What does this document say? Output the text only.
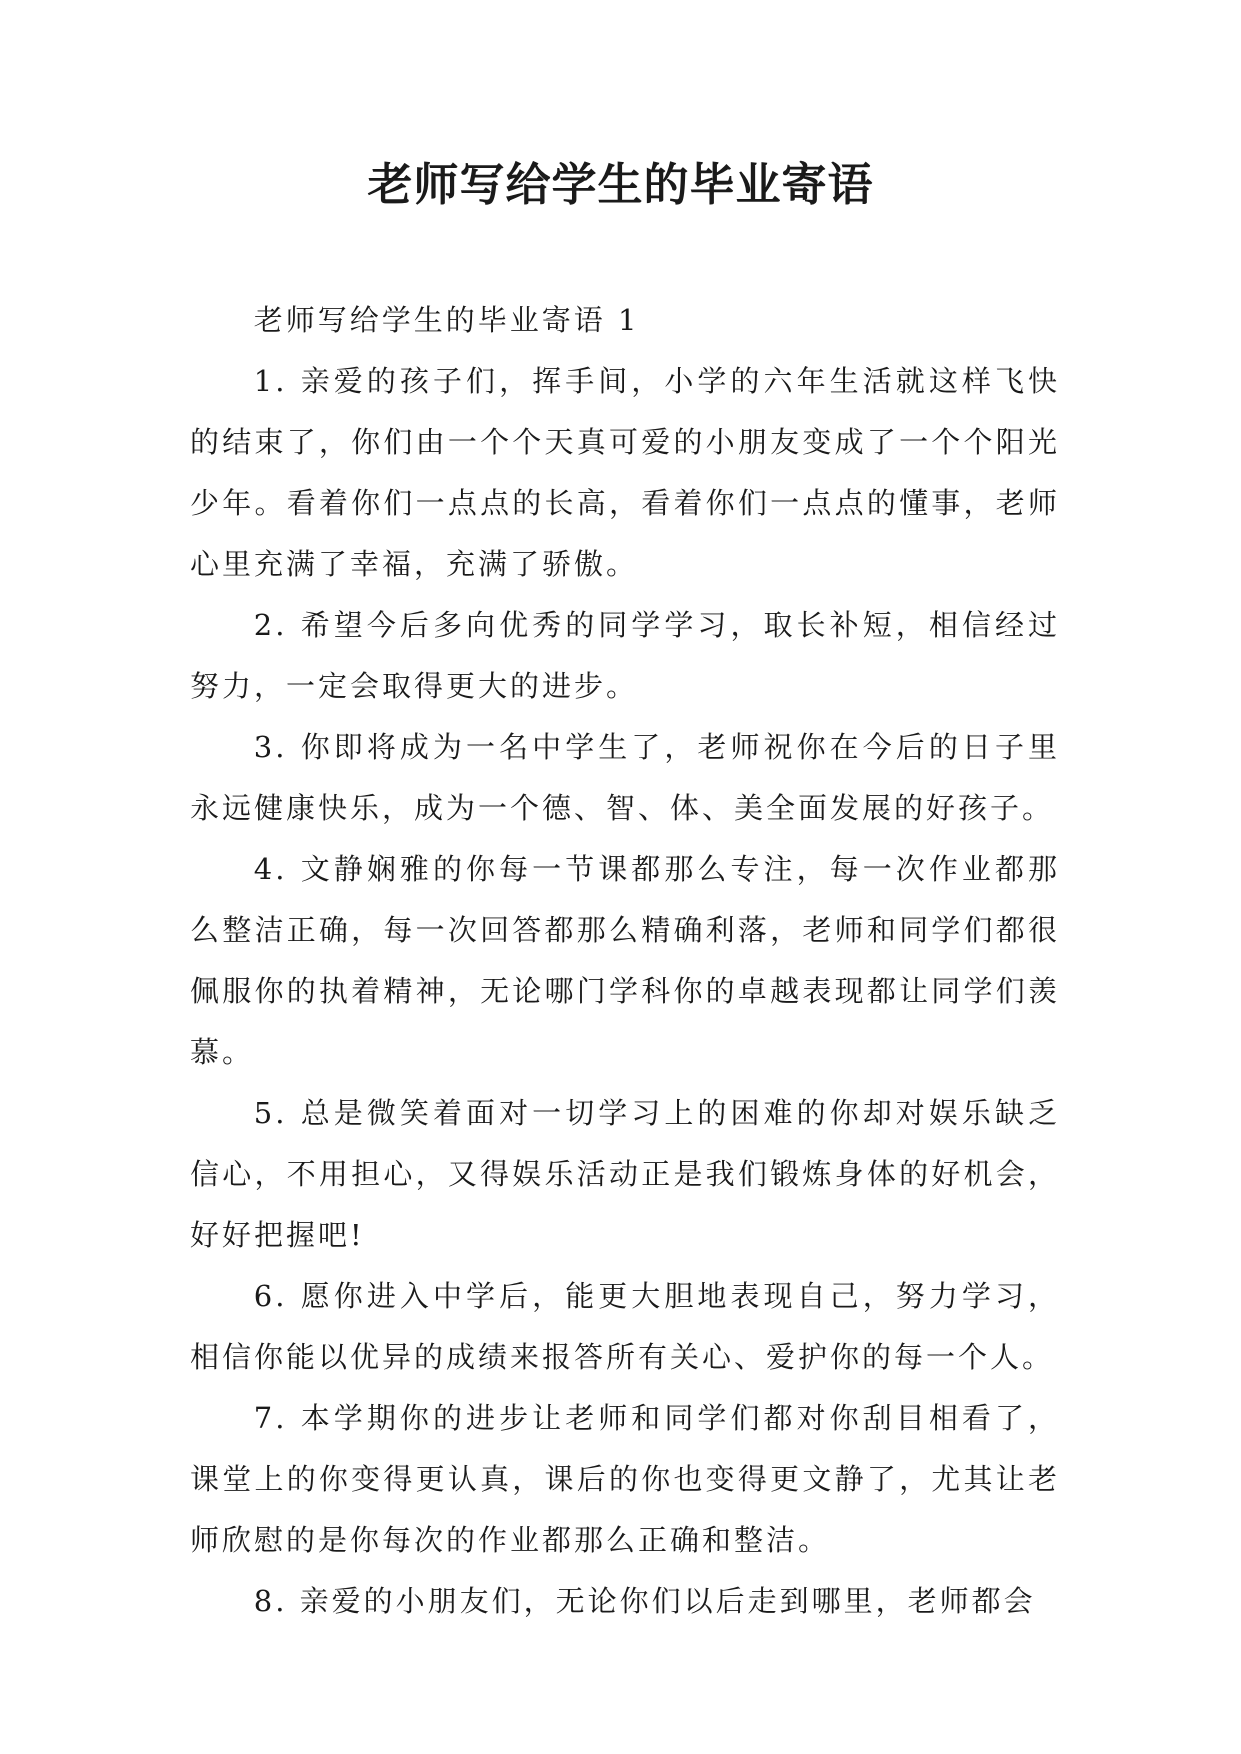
老师写给学生的毕业寄语

老师写给学生的毕业寄语 1

1. 亲爱的孩子们，挥手间，小学的六年生活就这样飞快的结束了，你们由一个个天真可爱的小朋友变成了一个个阳光少年。看着你们一点点的长高，看着你们一点点的懂事，老师心里充满了幸福，充满了骄傲。

2. 希望今后多向优秀的同学学习，取长补短，相信经过努力，一定会取得更大的进步。

3. 你即将成为一名中学生了，老师祝你在今后的日子里永远健康快乐，成为一个德、智、体、美全面发展的好孩子。

4. 文静娴雅的你每一节课都那么专注，每一次作业都那么整洁正确，每一次回答都那么精确利落，老师和同学们都很佩服你的执着精神，无论哪门学科你的卓越表现都让同学们羡慕。

5. 总是微笑着面对一切学习上的困难的你却对娱乐缺乏信心，不用担心，又得娱乐活动正是我们锻炼身体的好机会，好好把握吧!

6. 愿你进入中学后，能更大胆地表现自己，努力学习，相信你能以优异的成绩来报答所有关心、爱护你的每一个人。

7. 本学期你的进步让老师和同学们都对你刮目相看了，课堂上的你变得更认真，课后的你也变得更文静了，尤其让老师欣慰的是你每次的作业都那么正确和整洁。

8. 亲爱的小朋友们，无论你们以后走到哪里，老师都会
